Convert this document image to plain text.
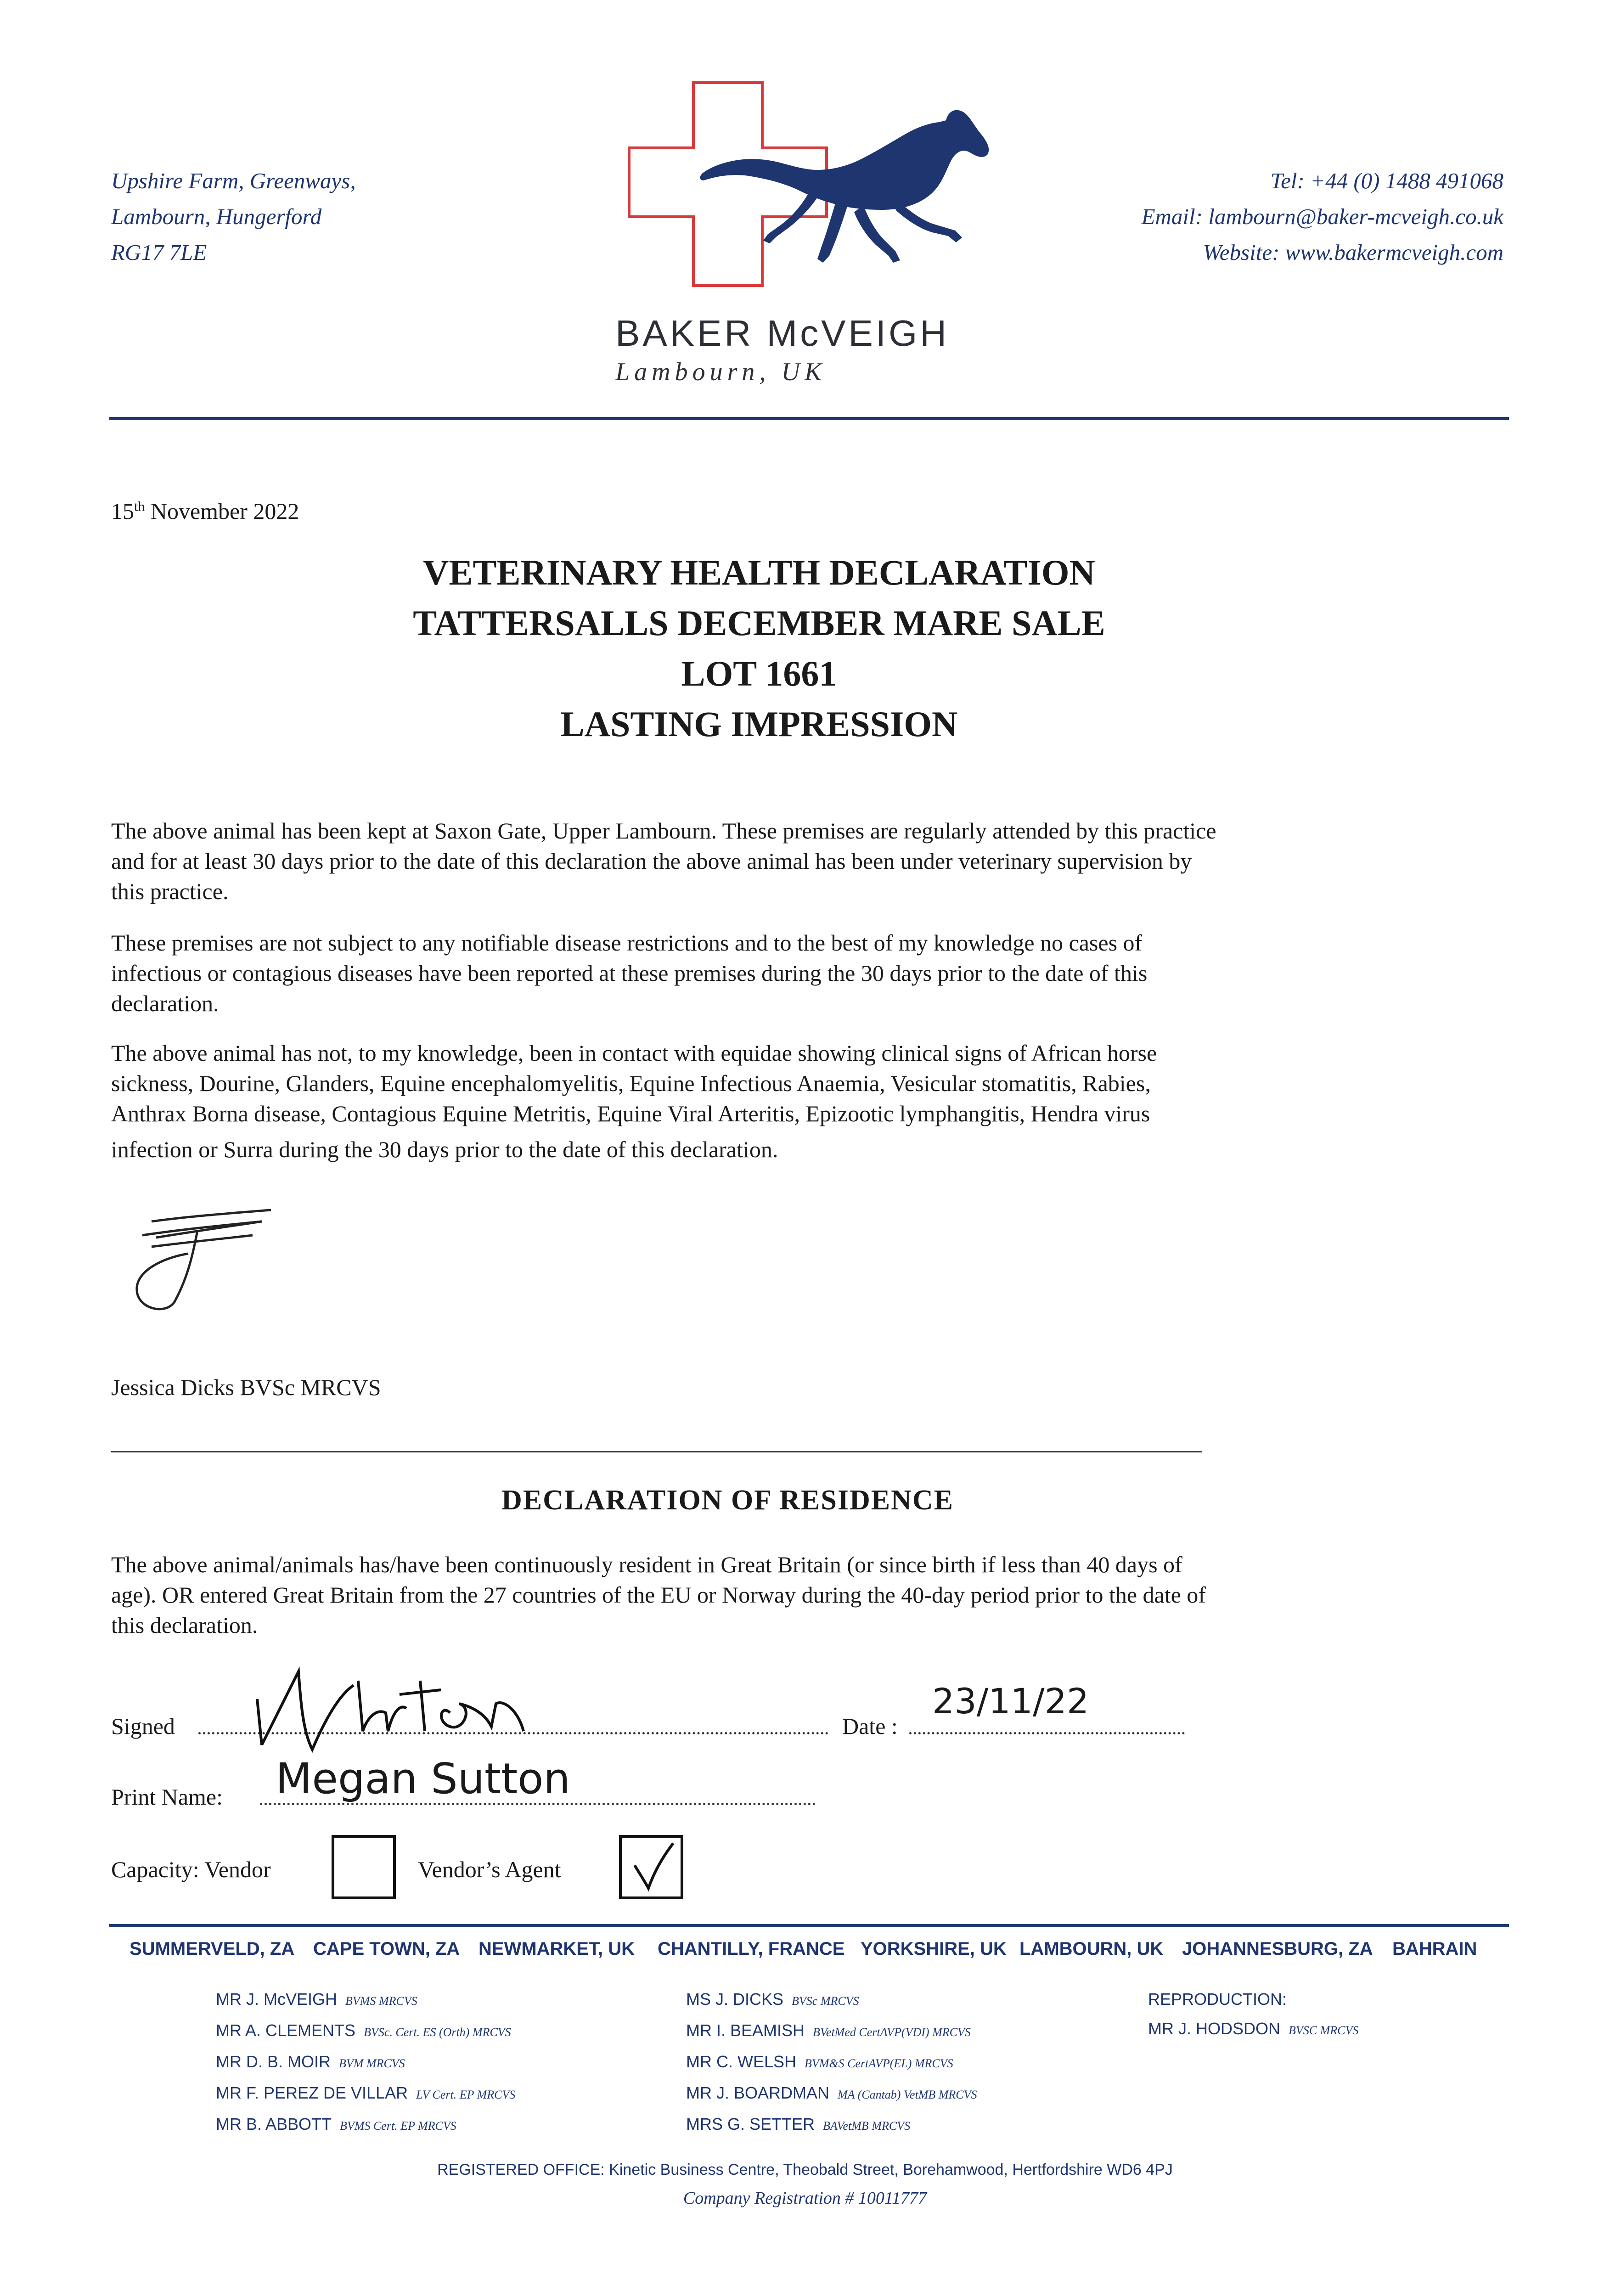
Upshire Farm, Greenways,
Lambourn, Hungerford
RG17 7LE
BAKER McVEIGH
Lambourn, UK
Tel: +44 (0) 1488 491068
Email: lambourn@baker-mcveigh.co.uk
Website: www.bakermcveigh.com
15th November 2022
VETERINARY HEALTH DECLARATION
TATTERSALLS DECEMBER MARE SALE
LOT 1661
LASTING IMPRESSION
The above animal has been kept at Saxon Gate, Upper Lambourn. These premises are regularly attended by this practice
and for at least 30 days prior to the date of this declaration the above animal has been under veterinary supervision by
this practice.
These premises are not subject to any notifiable disease restrictions and to the best of my knowledge no cases of
infectious or contagious diseases have been reported at these premises during the 30 days prior to the date of this
declaration.
The above animal has not, to my knowledge, been in contact with equidae showing clinical signs of African horse
sickness, Dourine, Glanders, Equine encephalomyelitis, Equine Infectious Anaemia, Vesicular stomatitis, Rabies,
Anthrax Borna disease, Contagious Equine Metritis, Equine Viral Arteritis, Epizootic lymphangitis, Hendra virus
infection or Surra during the 30 days prior to the date of this declaration.
Jessica Dicks BVSc MRCVS
DECLARATION OF RESIDENCE
The above animal/animals has/have been continuously resident in Great Britain (or since birth if less than 40 days of
age). OR entered Great Britain from the 27 countries of the EU or Norway during the 40-day period prior to the date of
this declaration.
Signed	Date :
23/11/22
Print Name: Megan Sutton
Capacity: Vendor	Vendor’s Agent
SUMMERVELD, ZA CAPE TOWN, ZA NEWMARKET, UK CHANTILLY, FRANCE YORKSHIRE, UK LAMBOURN, UK JOHANNESBURG, ZA BAHRAIN
MR J. McVEIGH BVMS MRCVS
MR A. CLEMENTS BVSc. Cert. ES (Orth) MRCVS
MR D. B. MOIR BVM MRCVS
MR F. PEREZ DE VILLAR LV Cert. EP MRCVS
MR B. ABBOTT BVMS Cert. EP MRCVS
MS J. DICKS BVSc MRCVS
MR I. BEAMISH BVetMed CertAVP(VDI) MRCVS
MR C. WELSH BVM&S CertAVP(EL) MRCVS
MR J. BOARDMAN MA (Cantab) VetMB MRCVS
MRS G. SETTER BAVetMB MRCVS
REPRODUCTION:
MR J. HODSDON BVSC MRCVS
REGISTERED OFFICE: Kinetic Business Centre, Theobald Street, Borehamwood, Hertfordshire WD6 4PJ
Company Registration # 10011777
